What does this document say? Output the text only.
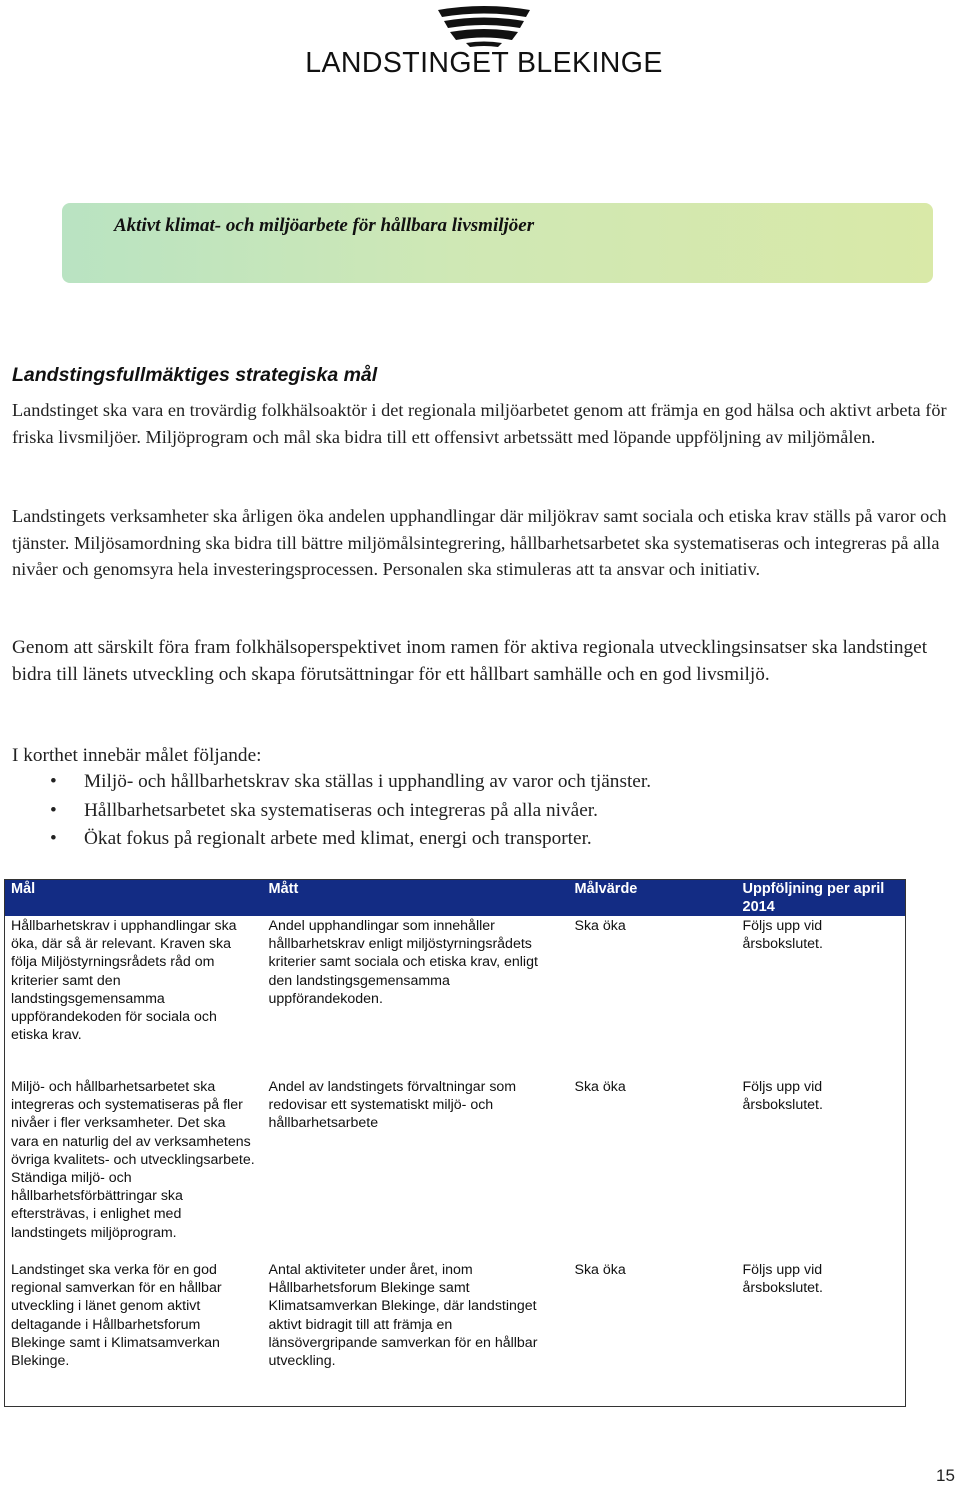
LANDSTINGET BLEKINGE
Aktivt klimat- och miljöarbete för hållbara livsmiljöer
Landstingsfullmäktiges strategiska mål
Landstinget ska vara en trovärdig folkhälsoaktör i det regionala miljöarbetet genom att främja en god hälsa och aktivt arbeta för friska livsmiljöer. Miljöprogram och mål ska bidra till ett offensivt arbetssätt med löpande uppföljning av miljömålen.
Landstingets verksamheter ska årligen öka andelen upphandlingar där miljökrav samt sociala och etiska krav ställs på varor och tjänster. Miljösamordning ska bidra till bättre miljömålsintegrering, hållbarhetsarbetet ska systematiseras och integreras på alla nivåer och genomsyra hela investeringsprocessen. Personalen ska stimuleras att ta ansvar och initiativ.
Genom att särskilt föra fram folkhälsoperspektivet inom ramen för aktiva regionala utvecklingsinsatser ska landstinget bidra till länets utveckling och skapa förutsättningar för ett hållbart samhälle och en god livsmiljö.
I korthet innebär målet följande:
• Miljö- och hållbarhetskrav ska ställas i upphandling av varor och tjänster.
• Hållbarhetsarbetet ska systematiseras och integreras på alla nivåer.
• Ökat fokus på regionalt arbete med klimat, energi och transporter.
Mål	Mått	Målvärde	Uppföljning per april 2014
Hållbarhetskrav i upphandlingar ska öka, där så är relevant. Kraven ska följa Miljöstyrningsrådets råd om kriterier samt den landstingsgemensamma uppförandekoden för sociala och etiska krav.	Andel upphandlingar som innehåller hållbarhetskrav enligt miljöstyrningsrådets kriterier samt sociala och etiska krav, enligt den landstingsgemensamma uppförandekoden.	Ska öka	Följs upp vid årsbokslutet.
Miljö- och hållbarhetsarbetet ska integreras och systematiseras på fler nivåer i fler verksamheter. Det ska vara en naturlig del av verksamhetens övriga kvalitets- och utvecklingsarbete. Ständiga miljö- och hållbarhetsförbättringar ska eftersträvas, i enlighet med landstingets miljöprogram.	Andel av landstingets förvaltningar som redovisar ett systematiskt miljö- och hållbarhetsarbete	Ska öka	Följs upp vid årsbokslutet.
Landstinget ska verka för en god regional samverkan för en hållbar utveckling i länet genom aktivt deltagande i Hållbarhetsforum Blekinge samt i Klimatsamverkan Blekinge.	Antal aktiviteter under året, inom Hållbarhetsforum Blekinge samt Klimatsamverkan Blekinge, där landstinget aktivt bidragit till att främja en länsövergripande samverkan för en hållbar utveckling.	Ska öka	Följs upp vid årsbokslutet.
15
